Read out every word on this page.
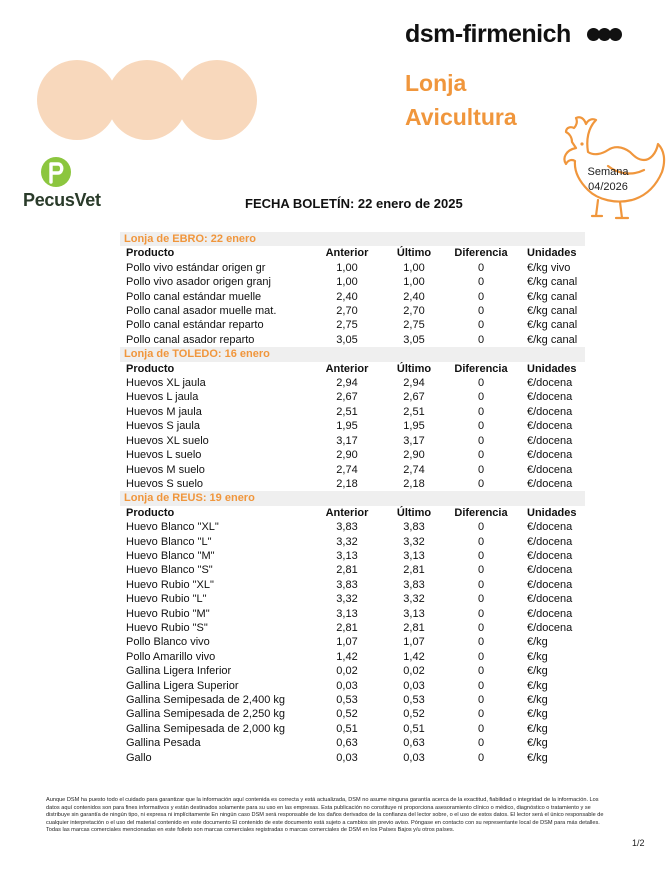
dsm-firmenich
Lonja
Avicultura
Semana
04/2026
PecusVet	FECHA BOLETÍN: 22 enero de 2025
Lonja de EBRO: 22 enero				
Producto	Anterior	Último	Diferencia	Unidades
Pollo vivo estándar origen gr	1,00	1,00	0	€/kg vivo
Pollo vivo asador origen granj	1,00	1,00	0	€/kg canal
Pollo canal estándar muelle	2,40	2,40	0	€/kg canal
Pollo canal asador muelle mat.	2,70	2,70	0	€/kg canal
Pollo canal estándar reparto	2,75	2,75	0	€/kg canal
Pollo canal asador reparto	3,05	3,05	0	€/kg canal
Lonja de TOLEDO: 16 enero				
Producto	Anterior	Último	Diferencia	Unidades
Huevos XL jaula	2,94	2,94	0	€/docena
Huevos L jaula	2,67	2,67	0	€/docena
Huevos M jaula	2,51	2,51	0	€/docena
Huevos S jaula	1,95	1,95	0	€/docena
Huevos XL suelo	3,17	3,17	0	€/docena
Huevos L suelo	2,90	2,90	0	€/docena
Huevos M suelo	2,74	2,74	0	€/docena
Huevos S suelo	2,18	2,18	0	€/docena
Lonja de REUS: 19 enero				
Producto	Anterior	Último	Diferencia	Unidades
Huevo Blanco "XL"	3,83	3,83	0	€/docena
Huevo Blanco "L"	3,32	3,32	0	€/docena
Huevo Blanco "M"	3,13	3,13	0	€/docena
Huevo Blanco "S"	2,81	2,81	0	€/docena
Huevo Rubio "XL"	3,83	3,83	0	€/docena
Huevo Rubio "L"	3,32	3,32	0	€/docena
Huevo Rubio "M"	3,13	3,13	0	€/docena
Huevo Rubio "S"	2,81	2,81	0	€/docena
Pollo Blanco vivo	1,07	1,07	0	€/kg
Pollo Amarillo vivo	1,42	1,42	0	€/kg
Gallina Ligera Inferior	0,02	0,02	0	€/kg
Gallina Ligera Superior	0,03	0,03	0	€/kg
Gallina Semipesada de 2,400 kg	0,53	0,53	0	€/kg
Gallina Semipesada de 2,250 kg	0,52	0,52	0	€/kg
Gallina Semipesada de 2,000 kg	0,51	0,51	0	€/kg
Gallina Pesada	0,63	0,63	0	€/kg
Gallo	0,03	0,03	0	€/kg
Aunque DSM ha puesto todo el cuidado para garantizar que la información aquí contenida es correcta y está actualizada, DSM no asume ninguna garantía acerca de la exactitud, fiabilidad o integridad de la información. Los datos aquí contenidos son para fines informativos y están destinados solamente para su uso en las empresas. Esta publicación no constituye ni proporciona asesoramiento clínico o médico, diagnóstico o tratamiento y se distribuye sin garantía de ningún tipo, ni expresa ni implícitamente En ningún caso DSM será responsable de los daños derivados de la confianza del lector sobre, o el uso de estos datos. El lector será el único responsable de cualquier interpretación o el uso del material contenido en este documento El contenido de este documento está sujeto a cambios sin previo aviso. Póngase en contacto con su representante local de DSM para más detalles. Todas las marcas comerciales mencionadas en este folleto son marcas comerciales registradas o marcas comerciales de DSM en los Países Bajos y/u otros países.
1/2
